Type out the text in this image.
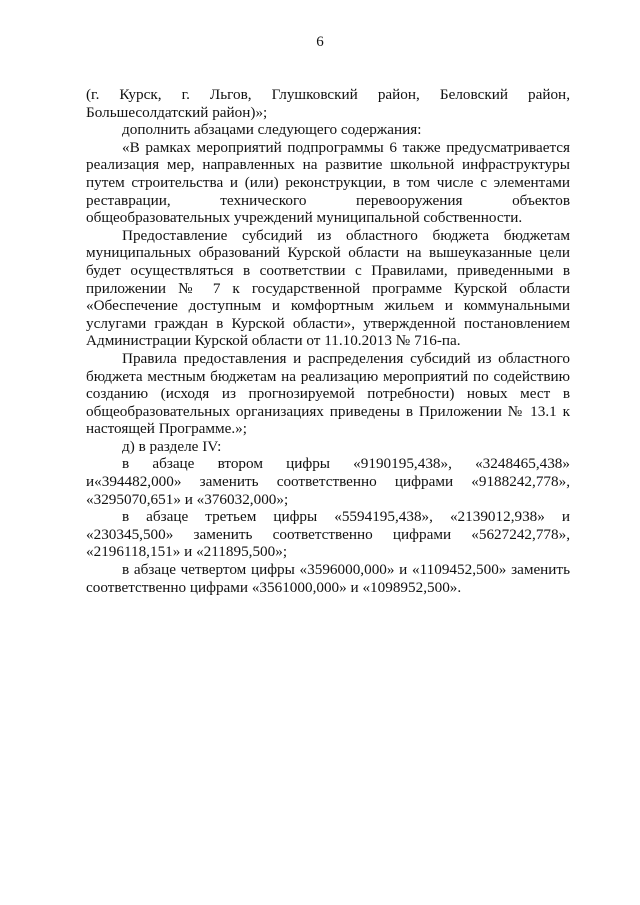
6

(г. Курск, г. Льгов, Глушковский район, Беловский район, Большесолдатский район)»;

дополнить абзацами следующего содержания:

«В рамках мероприятий подпрограммы 6 также предусматривается реализация мер, направленных на развитие школьной инфраструктуры путем строительства и (или) реконструкции, в том числе с элементами реставрации, технического перевооружения объектов общеобразовательных учреждений муниципальной собственности.

Предоставление субсидий из областного бюджета бюджетам муниципальных образований Курской области на вышеуказанные цели будет осуществляться в соответствии с Правилами, приведенными в приложении № 7 к государственной программе Курской области «Обеспечение доступным и комфортным жильем и коммунальными услугами граждан в Курской области», утвержденной постановлением Администрации Курской области от 11.10.2013 № 716-па.

Правила предоставления и распределения субсидий из областного бюджета местным бюджетам на реализацию мероприятий по содействию созданию (исходя из прогнозируемой потребности) новых мест в общеобразовательных организациях приведены в Приложении № 13.1 к настоящей Программе.»;

д) в разделе IV:

в абзаце втором цифры «9190195,438», «3248465,438» и«394482,000» заменить соответственно цифрами «9188242,778», «3295070,651» и «376032,000»;

в абзаце третьем цифры «5594195,438», «2139012,938» и «230345,500» заменить соответственно цифрами «5627242,778», «2196118,151» и «211895,500»;

в абзаце четвертом цифры «3596000,000» и «1109452,500» заменить соответственно цифрами «3561000,000» и «1098952,500».
